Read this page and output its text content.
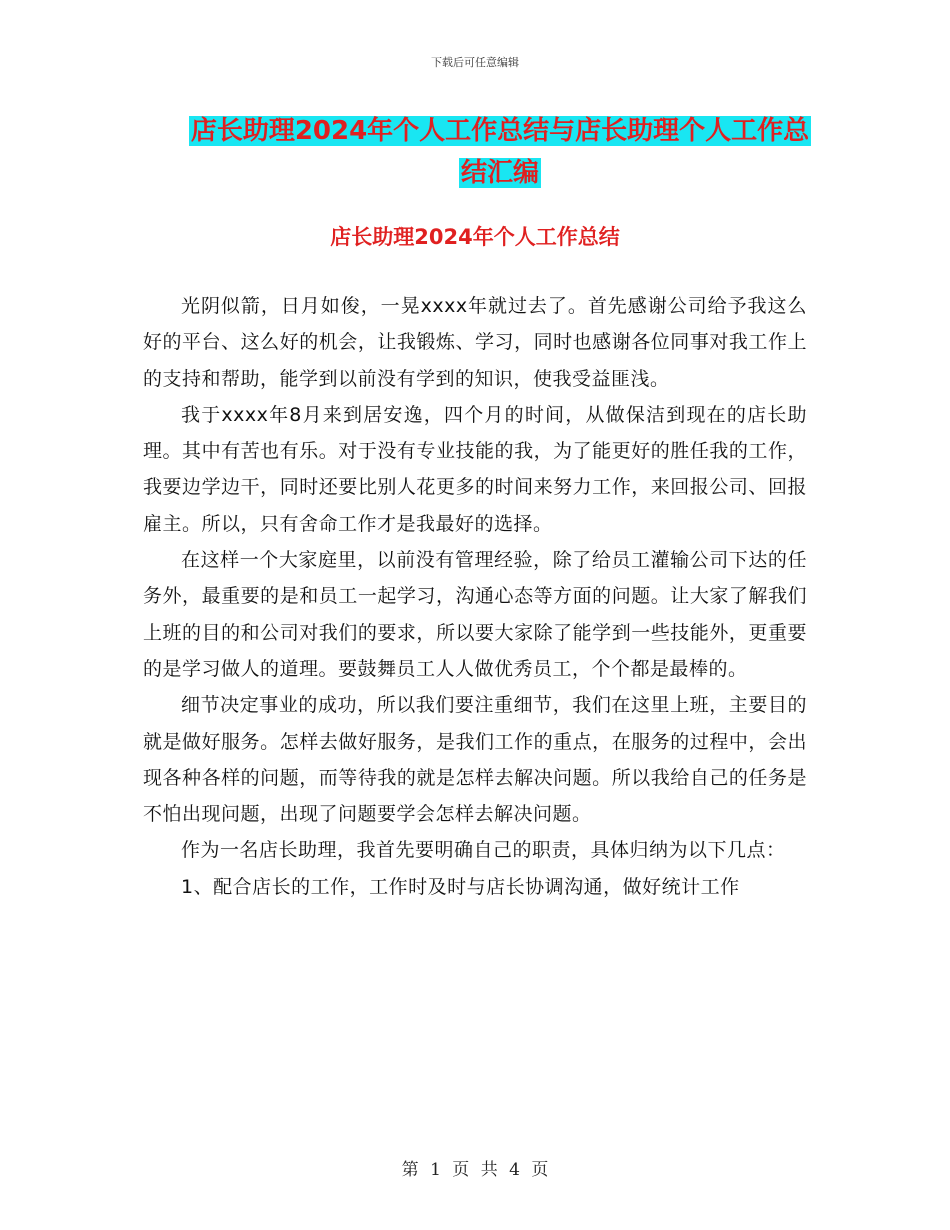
下载后可任意编辑
店长助理2024年个人工作总结与店长助理个人工作总
结汇编
店长助理2024年个人工作总结

光阴似箭，日月如俊，一晃xxxx年就过去了。首先感谢公司给予我这么好的平台、这么好的机会，让我锻炼、学习，同时也感谢各位同事对我工作上的支持和帮助，能学到以前没有学到的知识，使我受益匪浅。

我于xxxx年8月来到居安逸，四个月的时间，从做保洁到现在的店长助理。其中有苦也有乐。对于没有专业技能的我，为了能更好的胜任我的工作，我要边学边干，同时还要比别人花更多的时间来努力工作，来回报公司、回报雇主。所以，只有舍命工作才是我最好的选择。

在这样一个大家庭里，以前没有管理经验，除了给员工灌输公司下达的任务外，最重要的是和员工一起学习，沟通心态等方面的问题。让大家了解我们上班的目的和公司对我们的要求，所以要大家除了能学到一些技能外，更重要的是学习做人的道理。要鼓舞员工人人做优秀员工，个个都是最棒的。

细节决定事业的成功，所以我们要注重细节，我们在这里上班，主要目的就是做好服务。怎样去做好服务，是我们工作的重点，在服务的过程中，会出现各种各样的问题，而等待我的就是怎样去解决问题。所以我给自己的任务是不怕出现问题，出现了问题要学会怎样去解决问题。

作为一名店长助理，我首先要明确自己的职责，具体归纳为以下几点：

1、配合店长的工作，工作时及时与店长协调沟通，做好统计工作

第 1 页 共 4 页
